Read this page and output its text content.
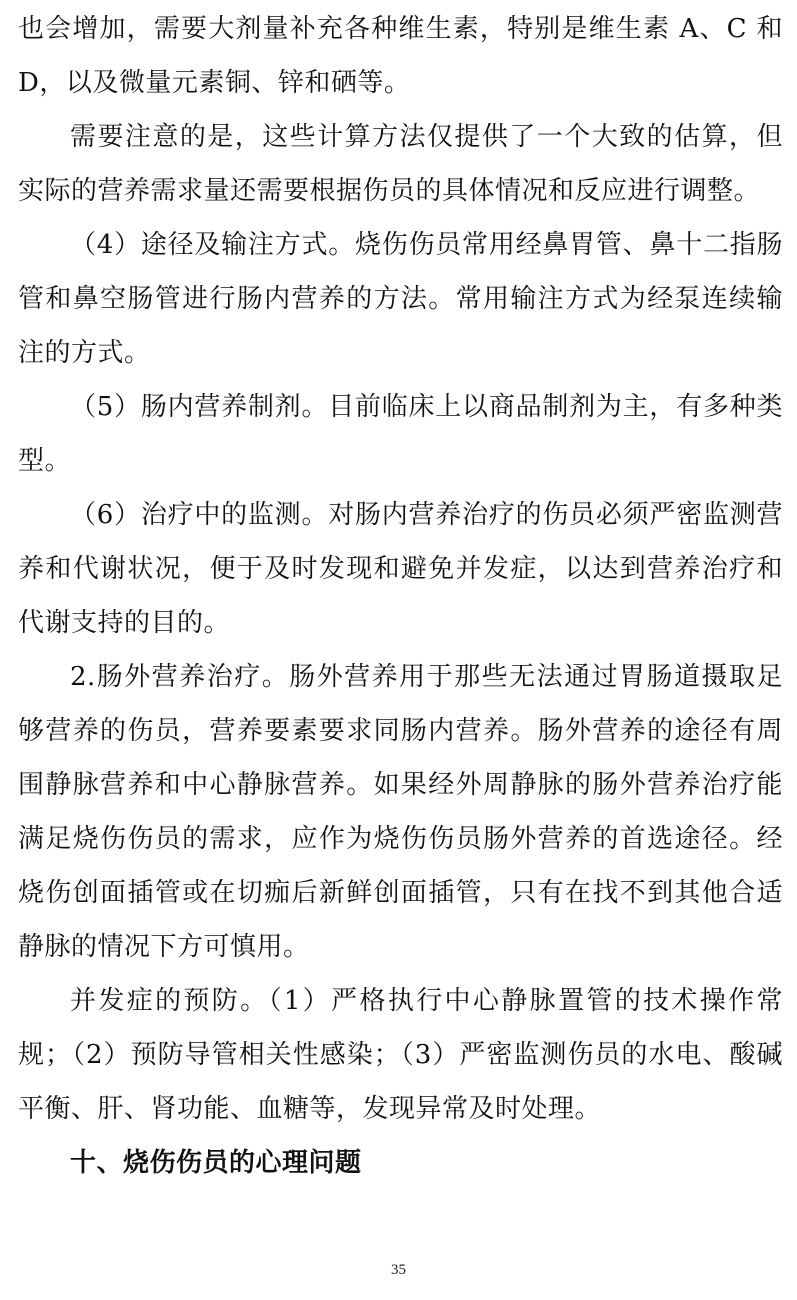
也会增加，需要大剂量补充各种维生素，特别是维生素 A、C 和 D，以及微量元素铜、锌和硒等。

需要注意的是，这些计算方法仅提供了一个大致的估算，但实际的营养需求量还需要根据伤员的具体情况和反应进行调整。

（4）途径及输注方式。烧伤伤员常用经鼻胃管、鼻十二指肠管和鼻空肠管进行肠内营养的方法。常用输注方式为经泵连续输注的方式。

（5）肠内营养制剂。目前临床上以商品制剂为主，有多种类型。

（6）治疗中的监测。对肠内营养治疗的伤员必须严密监测营养和代谢状况，便于及时发现和避免并发症，以达到营养治疗和代谢支持的目的。

2.肠外营养治疗。肠外营养用于那些无法通过胃肠道摄取足够营养的伤员，营养要素要求同肠内营养。肠外营养的途径有周围静脉营养和中心静脉营养。如果经外周静脉的肠外营养治疗能满足烧伤伤员的需求，应作为烧伤伤员肠外营养的首选途径。经烧伤创面插管或在切痂后新鲜创面插管，只有在找不到其他合适静脉的情况下方可慎用。

并发症的预防。（1）严格执行中心静脉置管的技术操作常规；（2）预防导管相关性感染；（3）严密监测伤员的水电、酸碱平衡、肝、肾功能、血糖等，发现异常及时处理。

十、烧伤伤员的心理问题
35
